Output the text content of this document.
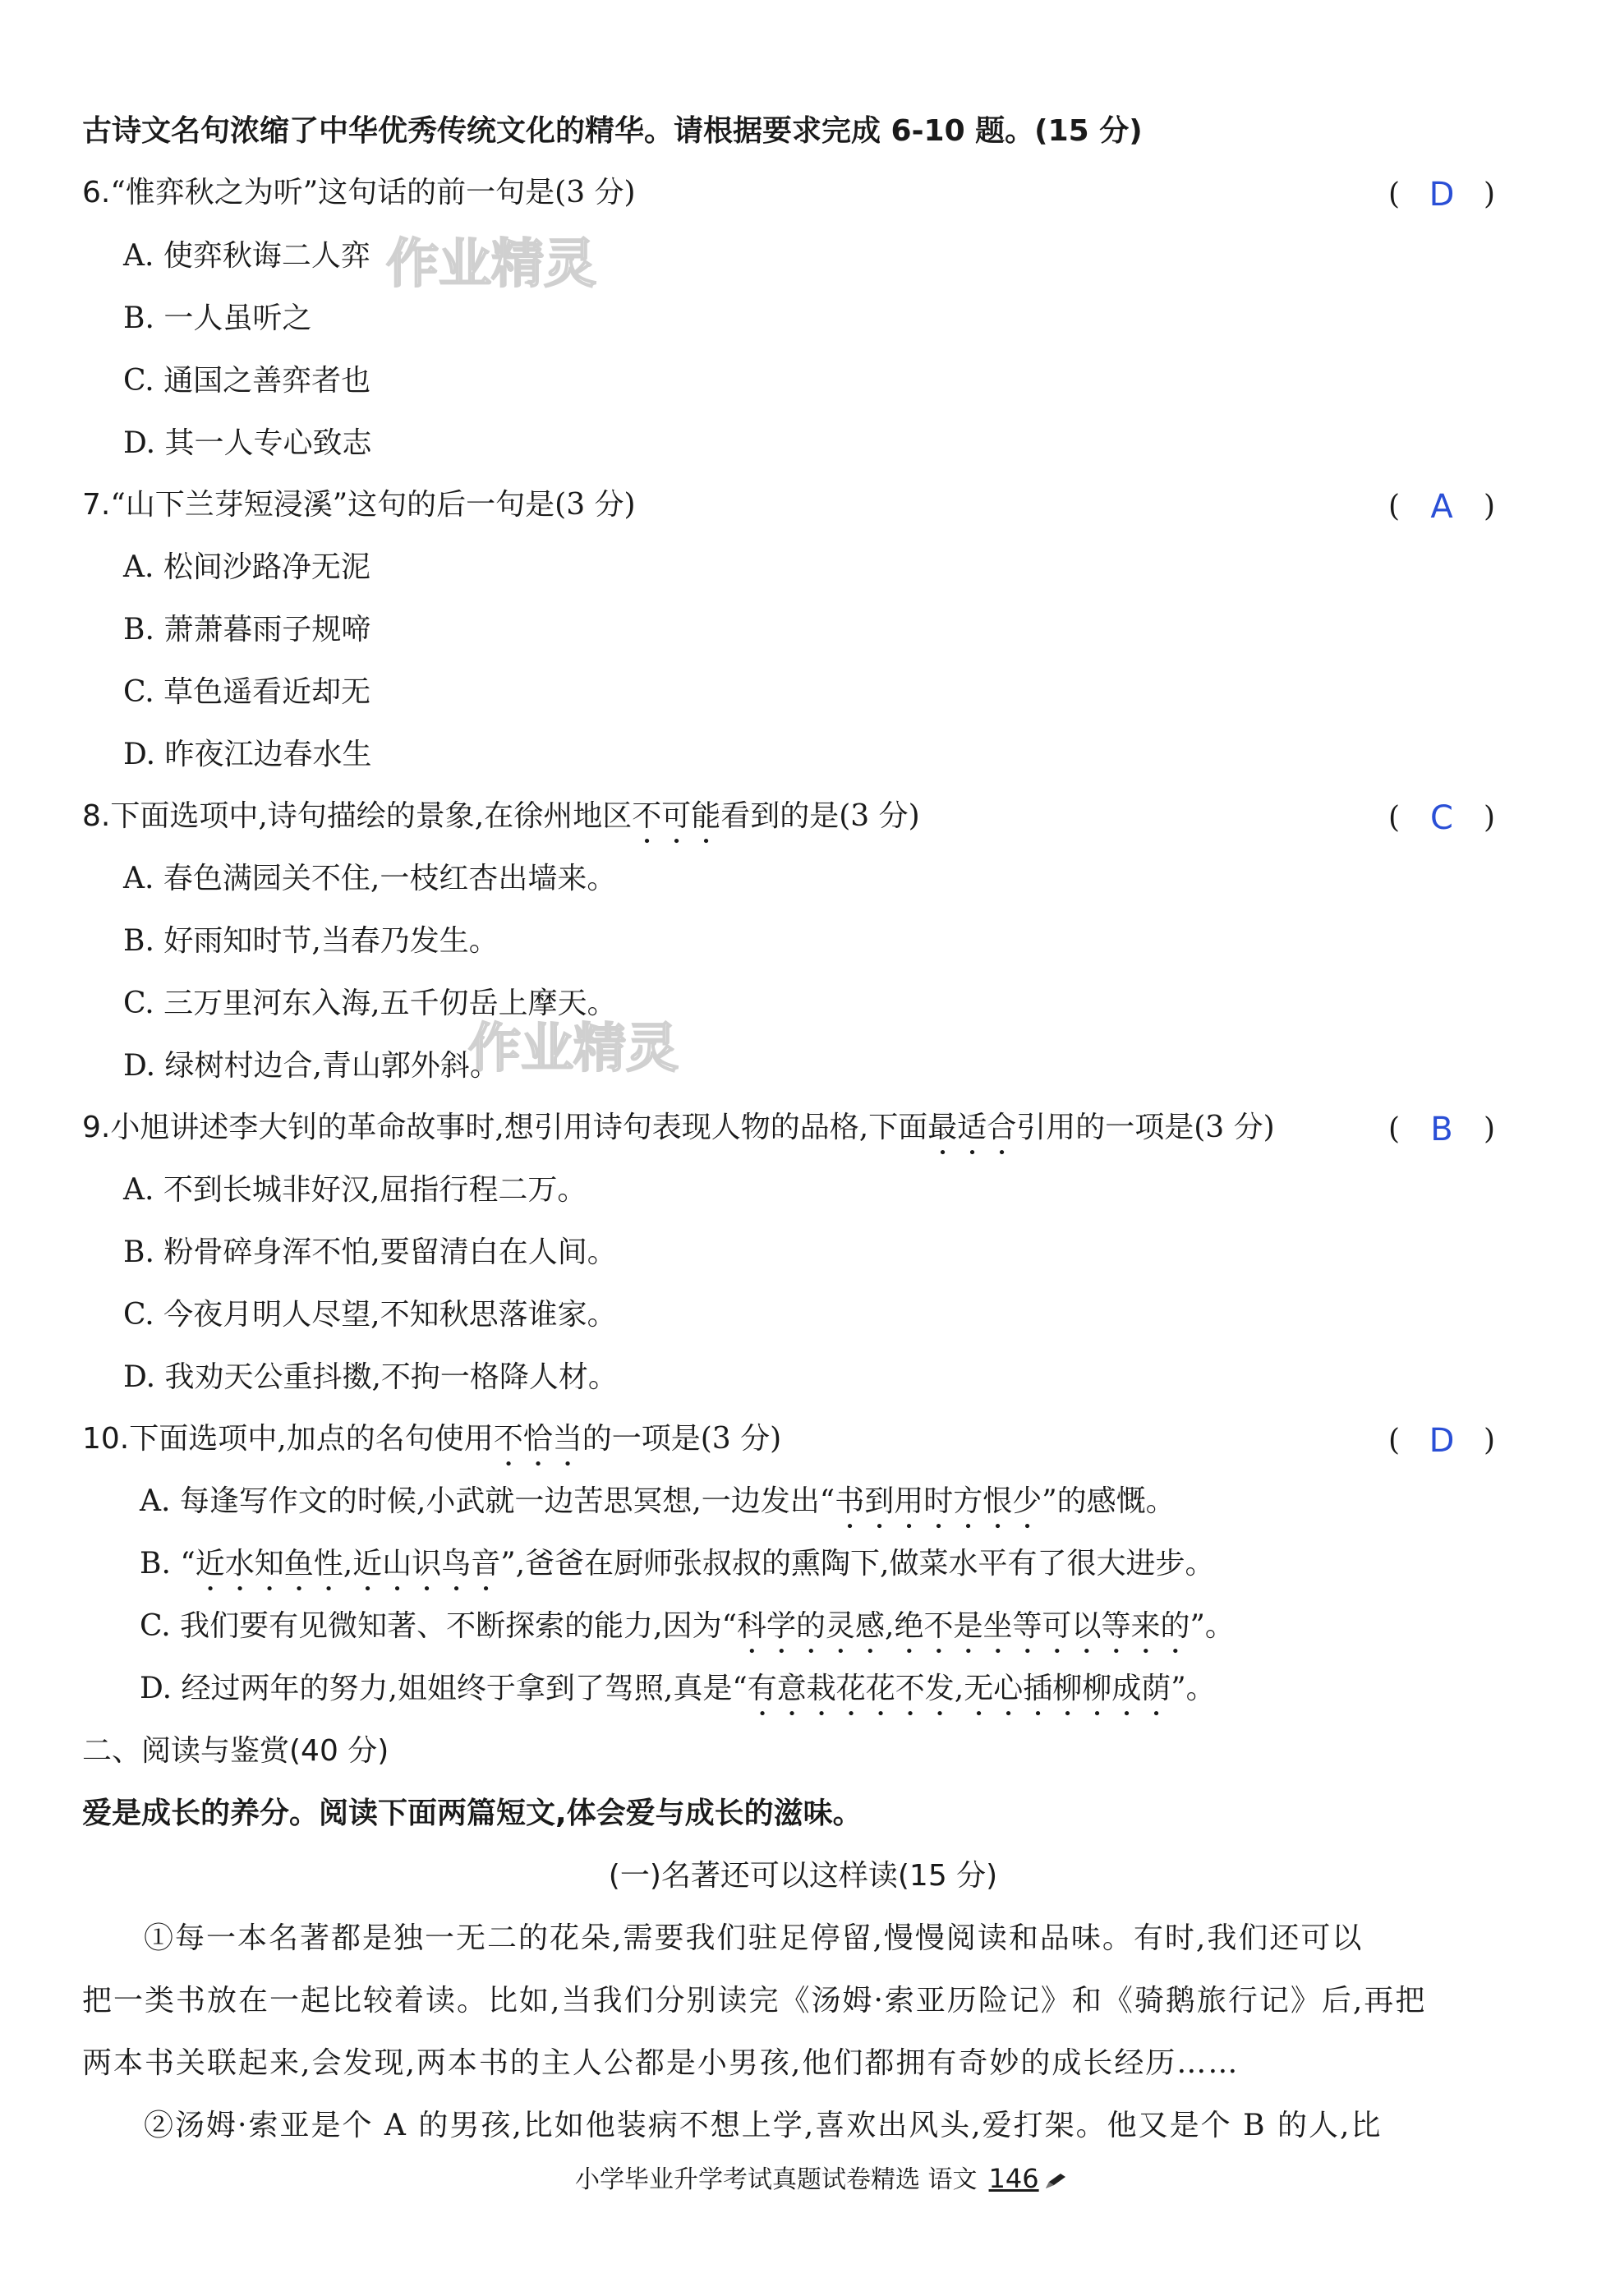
古诗文名句浓缩了中华优秀传统文化的精华。请根据要求完成 6-10 题。(15 分)
6.“惟弈秋之为听”这句话的前一句是(3 分)	( D )
A. 使弈秋诲二人弈
B. 一人虽听之
C. 通国之善弈者也
D. 其一人专心致志
7.“山下兰芽短浸溪”这句的后一句是(3 分)	( A )
A. 松间沙路净无泥
B. 萧萧暮雨子规啼
C. 草色遥看近却无
D. 昨夜江边春水生
8.下面选项中,诗句描绘的景象,在徐州地区不可能看到的是(3 分)	( C )
A. 春色满园关不住,一枝红杏出墙来。
B. 好雨知时节,当春乃发生。
C. 三万里河东入海,五千仞岳上摩天。
D. 绿树村边合,青山郭外斜。
9.小旭讲述李大钊的革命故事时,想引用诗句表现人物的品格,下面最适合引用的一项是(3 分)	( B )
A. 不到长城非好汉,屈指行程二万。
B. 粉骨碎身浑不怕,要留清白在人间。
C. 今夜月明人尽望,不知秋思落谁家。
D. 我劝天公重抖擞,不拘一格降人材。
10.下面选项中,加点的名句使用不恰当的一项是(3 分)	( D )
A. 每逢写作文的时候,小武就一边苦思冥想,一边发出“书到用时方恨少”的感慨。
B. “近水知鱼性,近山识鸟音”,爸爸在厨师张叔叔的熏陶下,做菜水平有了很大进步。
C. 我们要有见微知著、不断探索的能力,因为“科学的灵感,绝不是坐等可以等来的”。
D. 经过两年的努力,姐姐终于拿到了驾照,真是“有意栽花花不发,无心插柳柳成荫”。
二、阅读与鉴赏(40 分)
爱是成长的养分。阅读下面两篇短文,体会爱与成长的滋味。
(一)名著还可以这样读(15 分)
①每一本名著都是独一无二的花朵,需要我们驻足停留,慢慢阅读和品味。有时,我们还可以
把一类书放在一起比较着读。比如,当我们分别读完《汤姆·索亚历险记》和《骑鹅旅行记》后,再把
两本书关联起来,会发现,两本书的主人公都是小男孩,他们都拥有奇妙的成长经历……
②汤姆·索亚是个 A 的男孩,比如他装病不想上学,喜欢出风头,爱打架。他又是个 B 的人,比
作业精灵
作业精灵
小学毕业升学考试真题试卷精选 语文 146
